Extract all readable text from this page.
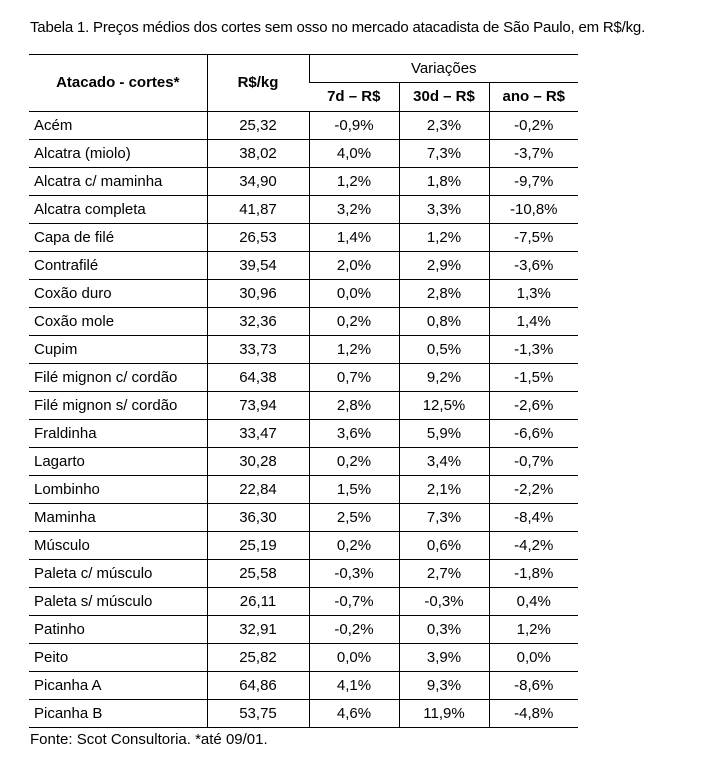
Tabela 1. Preços médios dos cortes sem osso no mercado atacadista de São Paulo, em R$/kg.
Atacado - cortes*	R$/kg	Variações		
		7d – R$	30d – R$	ano – R$
Acém	25,32	-0,9%	2,3%	-0,2%
Alcatra (miolo)	38,02	4,0%	7,3%	-3,7%
Alcatra c/ maminha	34,90	1,2%	1,8%	-9,7%
Alcatra completa	41,87	3,2%	3,3%	-10,8%
Capa de filé	26,53	1,4%	1,2%	-7,5%
Contrafilé	39,54	2,0%	2,9%	-3,6%
Coxão duro	30,96	0,0%	2,8%	1,3%
Coxão mole	32,36	0,2%	0,8%	1,4%
Cupim	33,73	1,2%	0,5%	-1,3%
Filé mignon c/ cordão	64,38	0,7%	9,2%	-1,5%
Filé mignon s/ cordão	73,94	2,8%	12,5%	-2,6%
Fraldinha	33,47	3,6%	5,9%	-6,6%
Lagarto	30,28	0,2%	3,4%	-0,7%
Lombinho	22,84	1,5%	2,1%	-2,2%
Maminha	36,30	2,5%	7,3%	-8,4%
Músculo	25,19	0,2%	0,6%	-4,2%
Paleta c/ músculo	25,58	-0,3%	2,7%	-1,8%
Paleta s/ músculo	26,11	-0,7%	-0,3%	0,4%
Patinho	32,91	-0,2%	0,3%	1,2%
Peito	25,82	0,0%	3,9%	0,0%
Picanha A	64,86	4,1%	9,3%	-8,6%
Picanha B	53,75	4,6%	11,9%	-4,8%
Fonte: Scot Consultoria. *até 09/01.
